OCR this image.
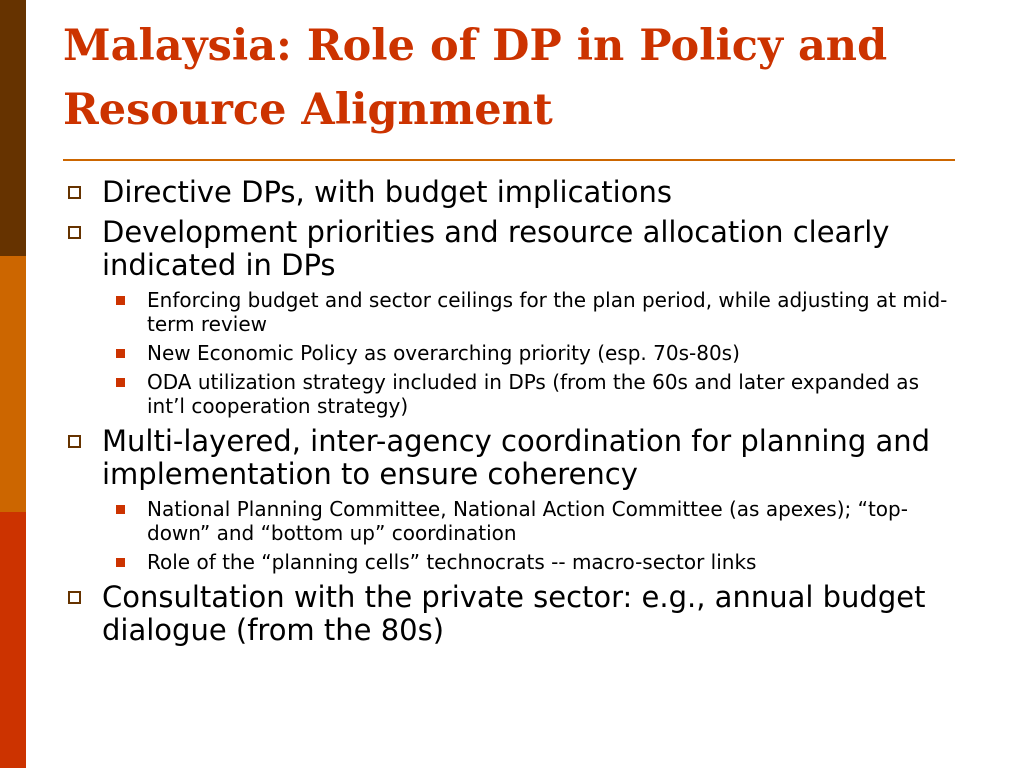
Malaysia: Role of DP in Policy and
Resource Alignment
Directive DPs, with budget implications
Development priorities and resource allocation clearly indicated in DPs
Enforcing budget and sector ceilings for the plan period, while adjusting at mid-term review
New Economic Policy as overarching priority (esp. 70s-80s)
ODA utilization strategy included in DPs (from the 60s and later expanded as int’l cooperation strategy)
Multi-layered, inter-agency coordination for planning and implementation to ensure coherency
National Planning Committee, National Action Committee (as apexes); “top-down” and “bottom up” coordination
Role of the “planning cells” technocrats -- macro-sector links
Consultation with the private sector: e.g., annual budget dialogue (from the 80s)
